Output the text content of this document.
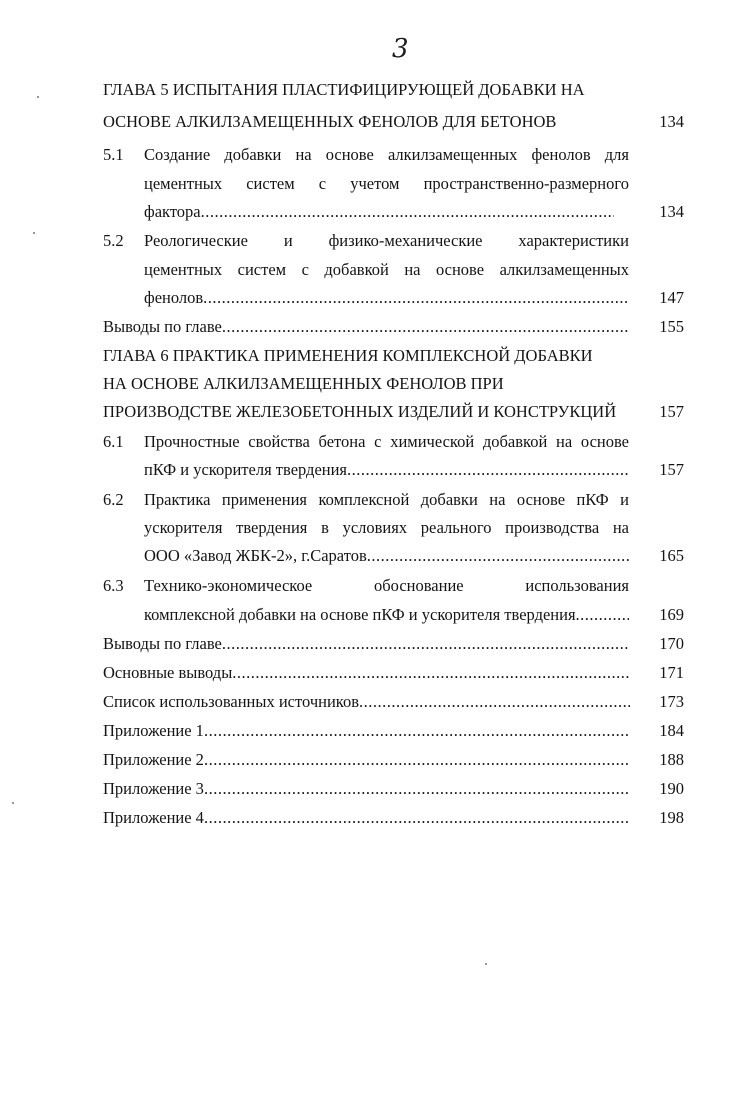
3
ГЛАВА 5 ИСПЫТАНИЯ ПЛАСТИФИЦИРУЮЩЕЙ ДОБАВКИ НА
ОСНОВЕ АЛКИЛЗАМЕЩЕННЫХ ФЕНОЛОВ ДЛЯ БЕТОНОВ	134
5.1 Создание добавки на основе алкилзамещенных фенолов для
цементных систем с учетом пространственно-размерного
фактора .....	134
5.2 Реологические и физико-механические характеристики
цементных систем с добавкой на основе алкилзамещенных
фенолов .....	147
Выводы по главе .....	155
ГЛАВА 6 ПРАКТИКА ПРИМЕНЕНИЯ КОМПЛЕКСНОЙ ДОБАВКИ
НА ОСНОВЕ АЛКИЛЗАМЕЩЕННЫХ ФЕНОЛОВ ПРИ
ПРОИЗВОДСТВЕ ЖЕЛЕЗОБЕТОННЫХ ИЗДЕЛИЙ И КОНСТРУКЦИЙ	157
6.1 Прочностные свойства бетона с химической добавкой на основе
пКФ и ускорителя твердения .....	157
6.2 Практика применения комплексной добавки на основе пКФ и
ускорителя твердения в условиях реального производства на
ООО «Завод ЖБК-2», г.Саратов .....	165
6.3 Технико-экономическое обоснование использования
комплексной добавки на основе пКФ и ускорителя твердения .....	169
Выводы по главе .....	170
Основные выводы .....	171
Список использованных источников .....	173
Приложение 1 .....	184
Приложение 2 .....	188
Приложение 3 .....	190
Приложение 4 .....	198
